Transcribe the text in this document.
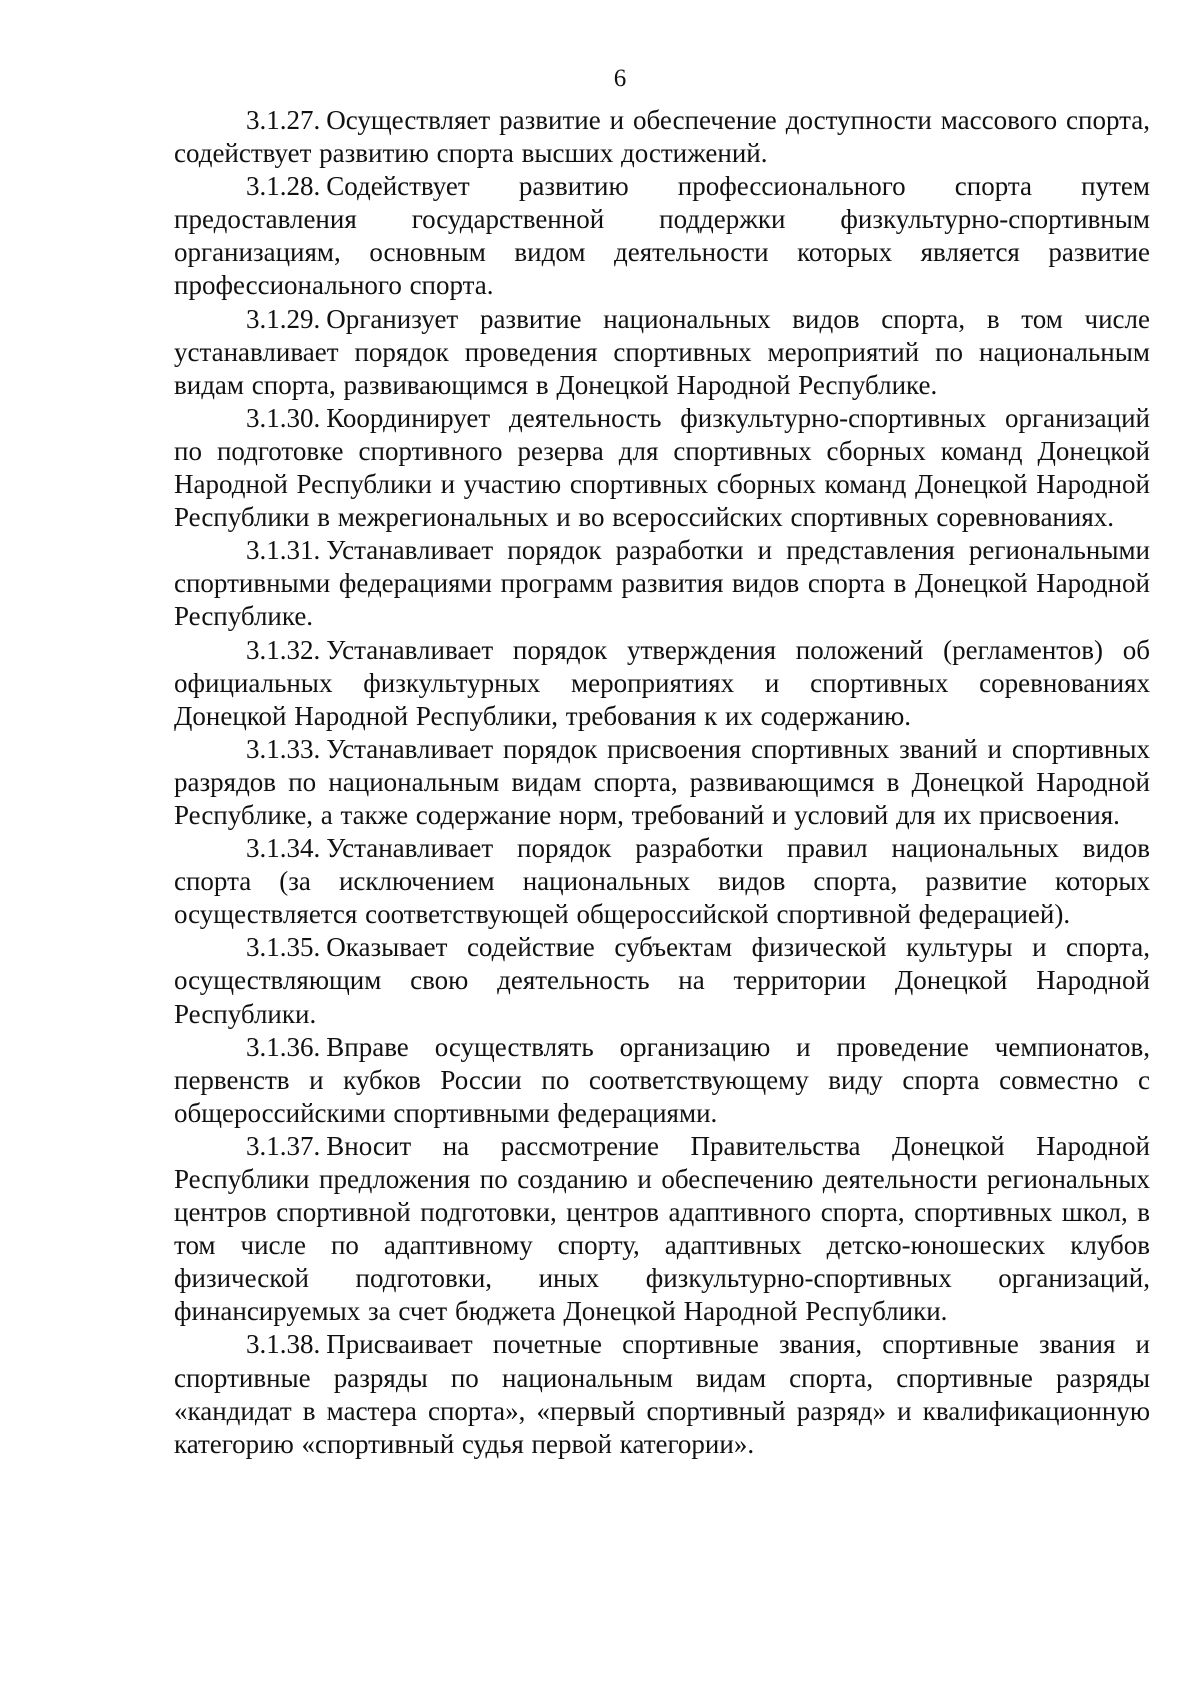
6

3.1.27. Осуществляет развитие и обеспечение доступности массового спорта, содействует развитию спорта высших достижений.

3.1.28. Содействует развитию профессионального спорта путем предоставления государственной поддержки физкультурно-спортивным организациям, основным видом деятельности которых является развитие профессионального спорта.

3.1.29. Организует развитие национальных видов спорта, в том числе устанавливает порядок проведения спортивных мероприятий по национальным видам спорта, развивающимся в Донецкой Народной Республике.

3.1.30. Координирует деятельность физкультурно-спортивных организаций по подготовке спортивного резерва для спортивных сборных команд Донецкой Народной Республики и участию спортивных сборных команд Донецкой Народной Республики в межрегиональных и во всероссийских спортивных соревнованиях.

3.1.31. Устанавливает порядок разработки и представления региональными спортивными федерациями программ развития видов спорта в Донецкой Народной Республике.

3.1.32. Устанавливает порядок утверждения положений (регламентов) об официальных физкультурных мероприятиях и спортивных соревнованиях Донецкой Народной Республики, требования к их содержанию.

3.1.33. Устанавливает порядок присвоения спортивных званий и спортивных разрядов по национальным видам спорта, развивающимся в Донецкой Народной Республике, а также содержание норм, требований и условий для их присвоения.

3.1.34. Устанавливает порядок разработки правил национальных видов спорта (за исключением национальных видов спорта, развитие которых осуществляется соответствующей общероссийской спортивной федерацией).

3.1.35. Оказывает содействие субъектам физической культуры и спорта, осуществляющим свою деятельность на территории Донецкой Народной Республики.

3.1.36. Вправе осуществлять организацию и проведение чемпионатов, первенств и кубков России по соответствующему виду спорта совместно с общероссийскими спортивными федерациями.

3.1.37. Вносит на рассмотрение Правительства Донецкой Народной Республики предложения по созданию и обеспечению деятельности региональных центров спортивной подготовки, центров адаптивного спорта, спортивных школ, в том числе по адаптивному спорту, адаптивных детско-юношеских клубов физической подготовки, иных физкультурно-спортивных организаций, финансируемых за счет бюджета Донецкой Народной Республики.

3.1.38. Присваивает почетные спортивные звания, спортивные звания и спортивные разряды по национальным видам спорта, спортивные разряды «кандидат в мастера спорта», «первый спортивный разряд» и квалификационную категорию «спортивный судья первой категории».
